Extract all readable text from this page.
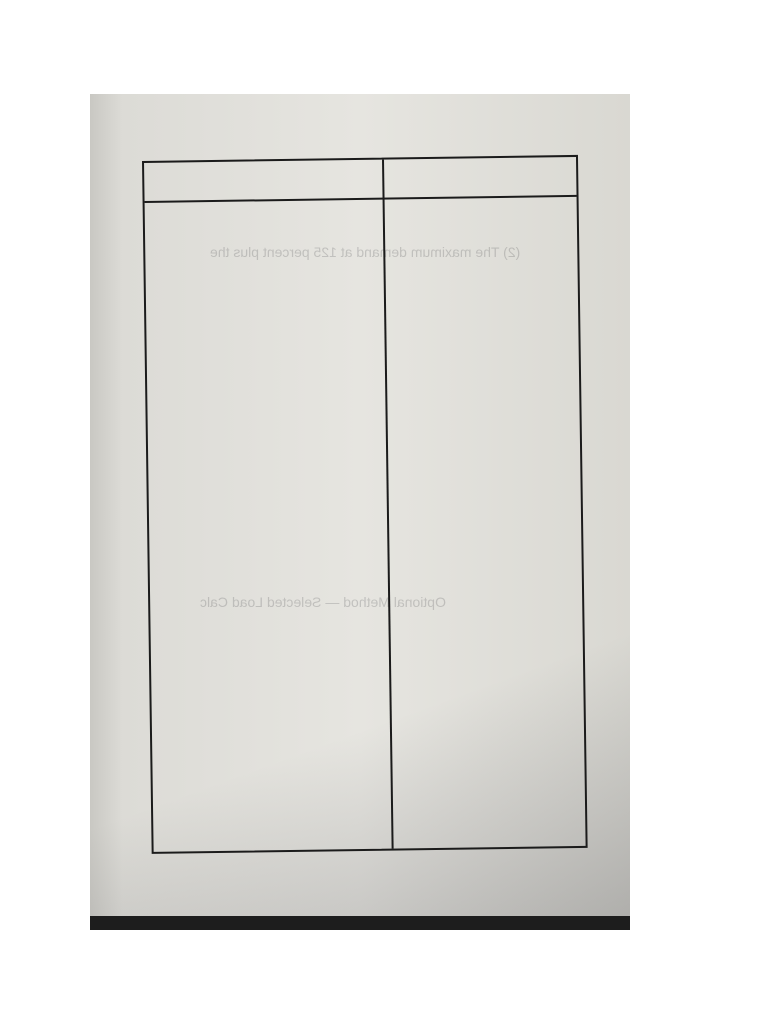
(2) The maximum demand at 125 percent plus the
Optional Method — Selected Load Calc
